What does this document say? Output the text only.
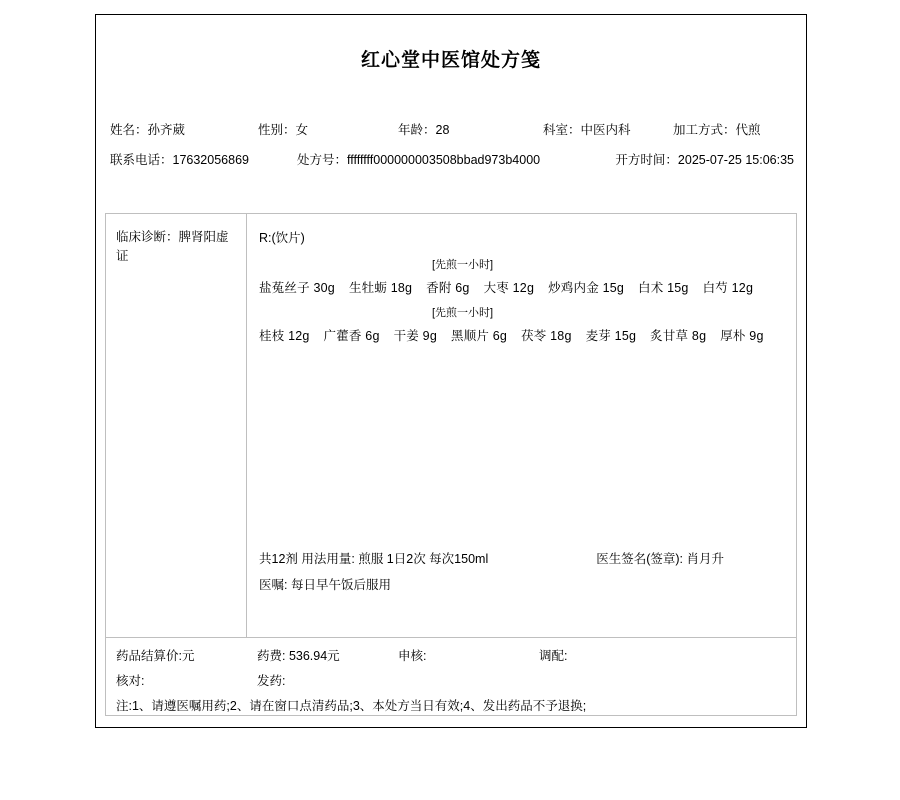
红心堂中医馆处方笺
姓名：孙齐葳	性别：女	年龄：28	科室：中医内科	加工方式：代煎
联系电话：17632056869	处方号：ffffffff000000003508bbad973b4000	开方时间：2025-07-25 15:06:35
临床诊断：脾肾阳虚证
R:(饮片)
[先煎一小时]
盐菟丝子 30g 生牡蛎 18g 香附 6g 大枣 12g 炒鸡内金 15g 白术 15g 白芍 12g
[先煎一小时]
桂枝 12g 广藿香 6g 干姜 9g 黑顺片 6g 茯苓 18g 麦芽 15g 炙甘草 8g 厚朴 9g
共12剂 用法用量: 煎服 1日2次 每次150ml	医生签名(签章): 肖月升
医嘱: 每日早午饭后服用
药品结算价:元	药费: 536.94元	申核:	调配:
核对:	发药:
注:1、请遵医嘱用药;2、请在窗口点清药品;3、本处方当日有效;4、发出药品不予退换;
